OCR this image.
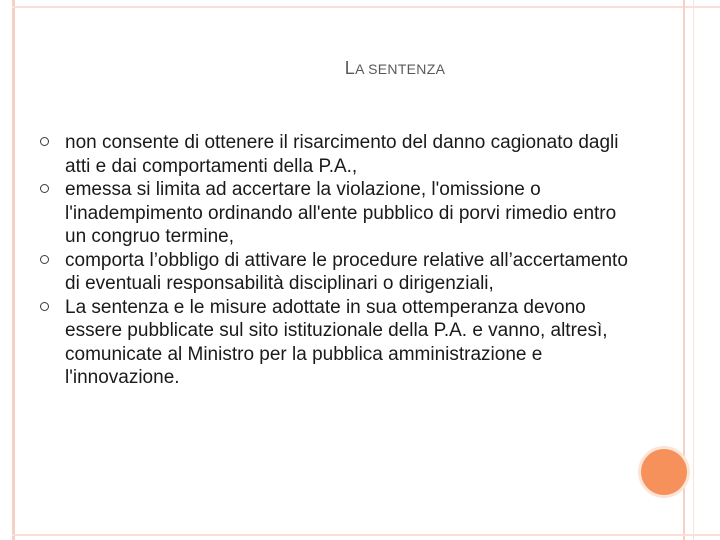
LA SENTENZA
non consente di ottenere il risarcimento del danno cagionato dagli atti e dai comportamenti della P.A.,
emessa si limita ad accertare la violazione, l'omissione o l'inadempimento ordinando all'ente pubblico di porvi rimedio entro un congruo termine,
comporta l’obbligo di attivare le procedure relative all’accertamento di eventuali responsabilità disciplinari o dirigenziali,
La sentenza e le misure adottate in sua ottemperanza devono essere pubblicate sul sito istituzionale della P.A. e vanno, altresì, comunicate al Ministro per la pubblica amministrazione e l'innovazione.
